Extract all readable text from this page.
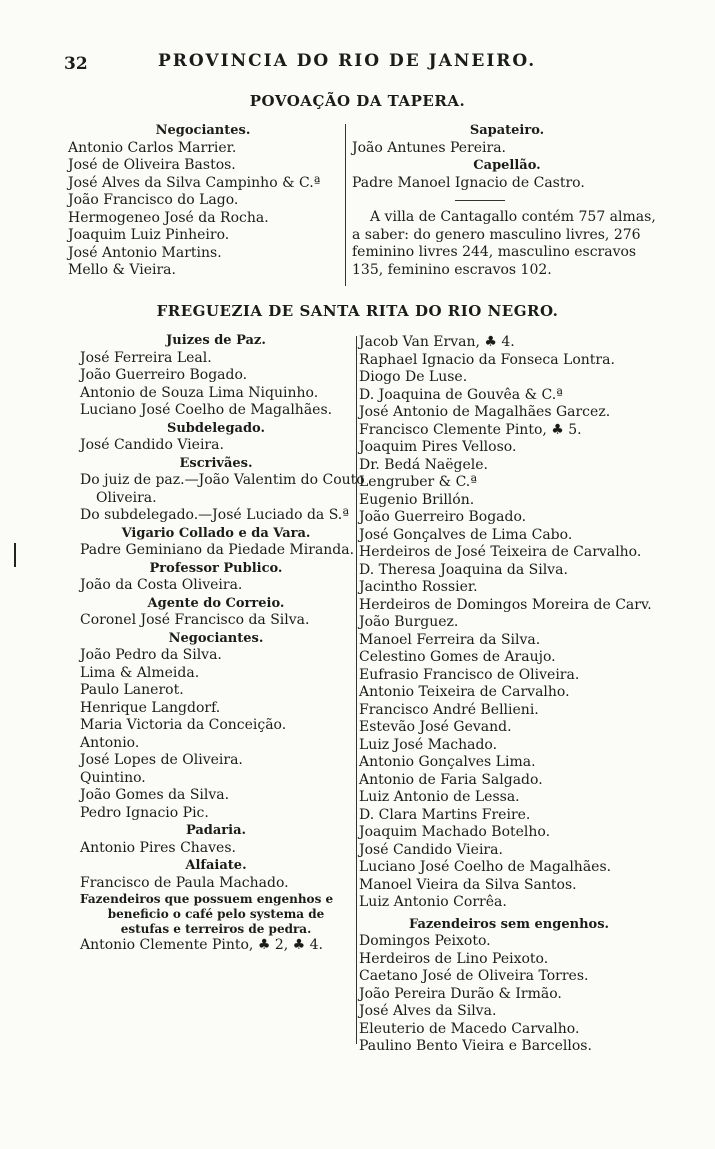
32	PROVINCIA DO RIO DE JANEIRO.
POVOAÇÃO DA TAPERA.

Negociantes.

Antonio Carlos Marrier.

José de Oliveira Bastos.

José Alves da Silva Campinho & C.ª

João Francisco do Lago.

Hermogeneo José da Rocha.

Joaquim Luiz Pinheiro.

José Antonio Martins.

Mello & Vieira.

Sapateiro.

João Antunes Pereira.

Capellão.

Padre Manoel Ignacio de Castro.

A villa de Cantagallo contém 757 almas, a saber: do genero masculino livres, 276 feminino livres 244, masculino escravos 135, feminino escravos 102.

FREGUEZIA DE SANTA RITA DO RIO NEGRO.

Juizes de Paz.

José Ferreira Leal.

João Guerreiro Bogado.

Antonio de Souza Lima Niquinho.

Luciano José Coelho de Magalhães.

Subdelegado.

José Candido Vieira.

Escrivães.

Do juiz de paz.—João Valentim do Couto

Oliveira.

Do subdelegado.—José Luciado da S.ª

Vigario Collado e da Vara.

Padre Geminiano da Piedade Miranda.

Professor Publico.

João da Costa Oliveira.

Agente do Correio.

Coronel José Francisco da Silva.

Negociantes.

João Pedro da Silva.

Lima & Almeida.

Paulo Lanerot.

Henrique Langdorf.

Maria Victoria da Conceição.

Antonio.

José Lopes de Oliveira.

Quintino.

João Gomes da Silva.

Pedro Ignacio Pic.

Padaria.

Antonio Pires Chaves.

Alfaiate.

Francisco de Paula Machado.

Fazendeiros que possuem engenhos e

beneficio o café pelo systema de

estufas e terreiros de pedra.

Antonio Clemente Pinto, ♣ 2, ♣ 4.

Jacob Van Ervan, ♣ 4.

Raphael Ignacio da Fonseca Lontra.

Diogo De Luse.

D. Joaquina de Gouvêa & C.ª

José Antonio de Magalhães Garcez.

Francisco Clemente Pinto, ♣ 5.

Joaquim Pires Velloso.

Dr. Bedá Naëgele.

Lengruber & C.ª

Eugenio Brillón.

João Guerreiro Bogado.

José Gonçalves de Lima Cabo.

Herdeiros de José Teixeira de Carvalho.

D. Theresa Joaquina da Silva.

Jacintho Rossier.

Herdeiros de Domingos Moreira de Carv.

João Burguez.

Manoel Ferreira da Silva.

Celestino Gomes de Araujo.

Eufrasio Francisco de Oliveira.

Antonio Teixeira de Carvalho.

Francisco André Bellieni.

Estevão José Gevand.

Luiz José Machado.

Antonio Gonçalves Lima.

Antonio de Faria Salgado.

Luiz Antonio de Lessa.

D. Clara Martins Freire.

Joaquim Machado Botelho.

José Candido Vieira.

Luciano José Coelho de Magalhães.

Manoel Vieira da Silva Santos.

Luiz Antonio Corrêa.

Fazendeiros sem engenhos.

Domingos Peixoto.

Herdeiros de Lino Peixoto.

Caetano José de Oliveira Torres.

João Pereira Durão & Irmão.

José Alves da Silva.

Eleuterio de Macedo Carvalho.

Paulino Bento Vieira e Barcellos.
